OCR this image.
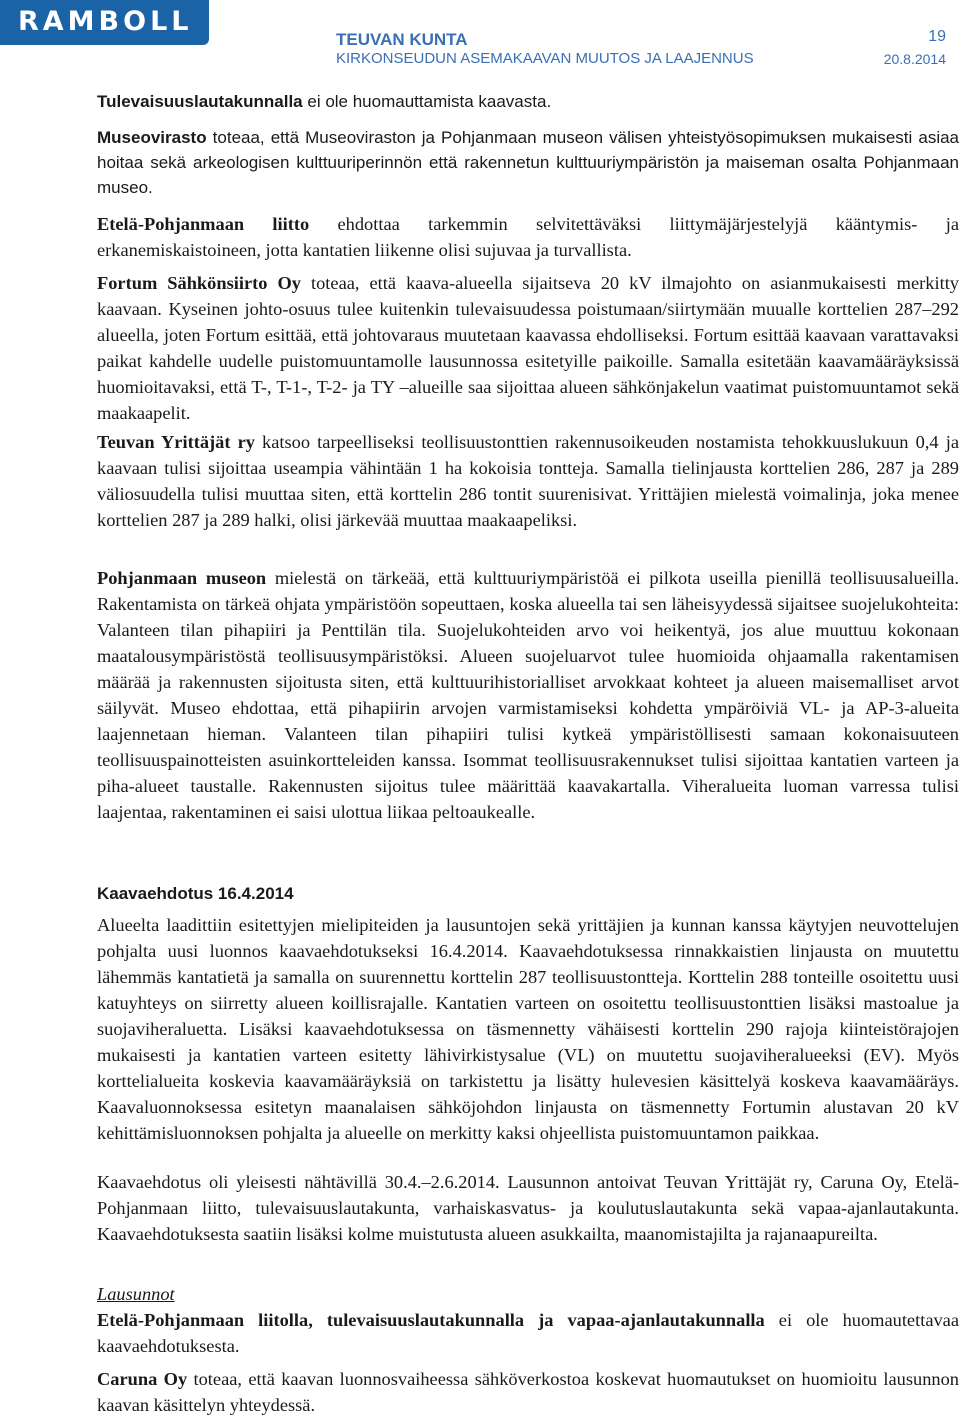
RAMBOLL
TEUVAN KUNTA
KIRKONSEUDUN ASEMAKAAVAN MUUTOS JA LAAJENNUS
19
20.8.2014

Tulevaisuuslautakunnalla ei ole huomauttamista kaavasta.

Museovirasto toteaa, että Museoviraston ja Pohjanmaan museon välisen yhteistyösopimuksen mukaisesti asiaa hoitaa sekä arkeologisen kulttuuriperinnön että rakennetun kulttuuriympäristön ja maiseman osalta Pohjanmaan museo.

Etelä-Pohjanmaan liitto ehdottaa tarkemmin selvitettäväksi liittymäjärjestelyjä kääntymis- ja erkanemiskaistoineen, jotta kantatien liikenne olisi sujuvaa ja turvallista.

Fortum Sähkönsiirto Oy toteaa, että kaava-alueella sijaitseva 20 kV ilmajohto on asianmukaisesti merkitty kaavaan. Kyseinen johto-osuus tulee kuitenkin tulevaisuudessa poistumaan/siirtymään muualle korttelien 287–292 alueella, joten Fortum esittää, että johtovaraus muutetaan kaavassa ehdolliseksi. Fortum esittää kaavaan varattavaksi paikat kahdelle uudelle puistomuuntamolle lausunnossa esitetyille paikoille. Samalla esitetään kaavamääräyksissä huomioitavaksi, että T-, T-1-, T-2- ja TY –alueille saa sijoittaa alueen sähkönjakelun vaatimat puistomuuntamot sekä maakaapelit.

Teuvan Yrittäjät ry katsoo tarpeelliseksi teollisuustonttien rakennusoikeuden nostamista tehokkuuslukuun 0,4 ja kaavaan tulisi sijoittaa useampia vähintään 1 ha kokoisia tontteja. Samalla tielinjausta korttelien 286, 287 ja 289 väliosuudella tulisi muuttaa siten, että korttelin 286 tontit suurenisivat. Yrittäjien mielestä voimalinja, joka menee korttelien 287 ja 289 halki, olisi järkevää muuttaa maakaapeliksi.

Pohjanmaan museon mielestä on tärkeää, että kulttuuriympäristöä ei pilkota useilla pienillä teollisuusalueilla. Rakentamista on tärkeä ohjata ympäristöön sopeuttaen, koska alueella tai sen läheisyydessä sijaitsee suojelukohteita: Valanteen tilan pihapiiri ja Penttilän tila. Suojelukohteiden arvo voi heikentyä, jos alue muuttuu kokonaan maatalousympäristöstä teollisuusympäristöksi. Alueen suojeluarvot tulee huomioida ohjaamalla rakentamisen määrää ja rakennusten sijoitusta siten, että kulttuurihistorialliset arvokkaat kohteet ja alueen maisemalliset arvot säilyvät. Museo ehdottaa, että pihapiirin arvojen varmistamiseksi kohdetta ympäröiviä VL- ja AP-3-alueita laajennetaan hieman. Valanteen tilan pihapiiri tulisi kytkeä ympäristöllisesti samaan kokonaisuuteen teollisuuspainotteisten asuinkortteleiden kanssa. Isommat teollisuusrakennukset tulisi sijoittaa kantatien varteen ja piha-alueet taustalle. Rakennusten sijoitus tulee määrittää kaavakartalla. Viheralueita luoman varressa tulisi laajentaa, rakentaminen ei saisi ulottua liikaa peltoaukealle.

Kaavaehdotus 16.4.2014

Alueelta laadittiin esitettyjen mielipiteiden ja lausuntojen sekä yrittäjien ja kunnan kanssa käytyjen neuvottelujen pohjalta uusi luonnos kaavaehdotukseksi 16.4.2014. Kaavaehdotuksessa rinnakkaistien linjausta on muutettu lähemmäs kantatietä ja samalla on suurennettu korttelin 287 teollisuustontteja. Korttelin 288 tonteille osoitettu uusi katuyhteys on siirretty alueen koillisrajalle. Kantatien varteen on osoitettu teollisuustonttien lisäksi mastoalue ja suojaviheraluetta. Lisäksi kaavaehdotuksessa on täsmennetty vähäisesti korttelin 290 rajoja kiinteistörajojen mukaisesti ja kantatien varteen esitetty lähivirkistysalue (VL) on muutettu suojaviheralueeksi (EV). Myös korttelialueita koskevia kaavamääräyksiä on tarkistettu ja lisätty hulevesien käsittelyä koskeva kaavamääräys. Kaavaluonnoksessa esitetyn maanalaisen sähköjohdon linjausta on täsmennetty Fortumin alustavan 20 kV kehittämisluonnoksen pohjalta ja alueelle on merkitty kaksi ohjeellista puistomuuntamon paikkaa.

Kaavaehdotus oli yleisesti nähtävillä 30.4.–2.6.2014. Lausunnon antoivat Teuvan Yrittäjät ry, Caruna Oy, Etelä-Pohjanmaan liitto, tulevaisuuslautakunta, varhaiskasvatus- ja koulutuslautakunta sekä vapaa-ajanlautakunta. Kaavaehdotuksesta saatiin lisäksi kolme muistutusta alueen asukkailta, maanomistajilta ja rajanaapureilta.

Lausunnot

Etelä-Pohjanmaan liitolla, tulevaisuuslautakunnalla ja vapaa-ajanlautakunnalla ei ole huomautettavaa kaavaehdotuksesta.

Caruna Oy toteaa, että kaavan luonnosvaiheessa sähköverkostoa koskevat huomautukset on huomioitu lausunnon kaavan käsittelyn yhteydessä.
